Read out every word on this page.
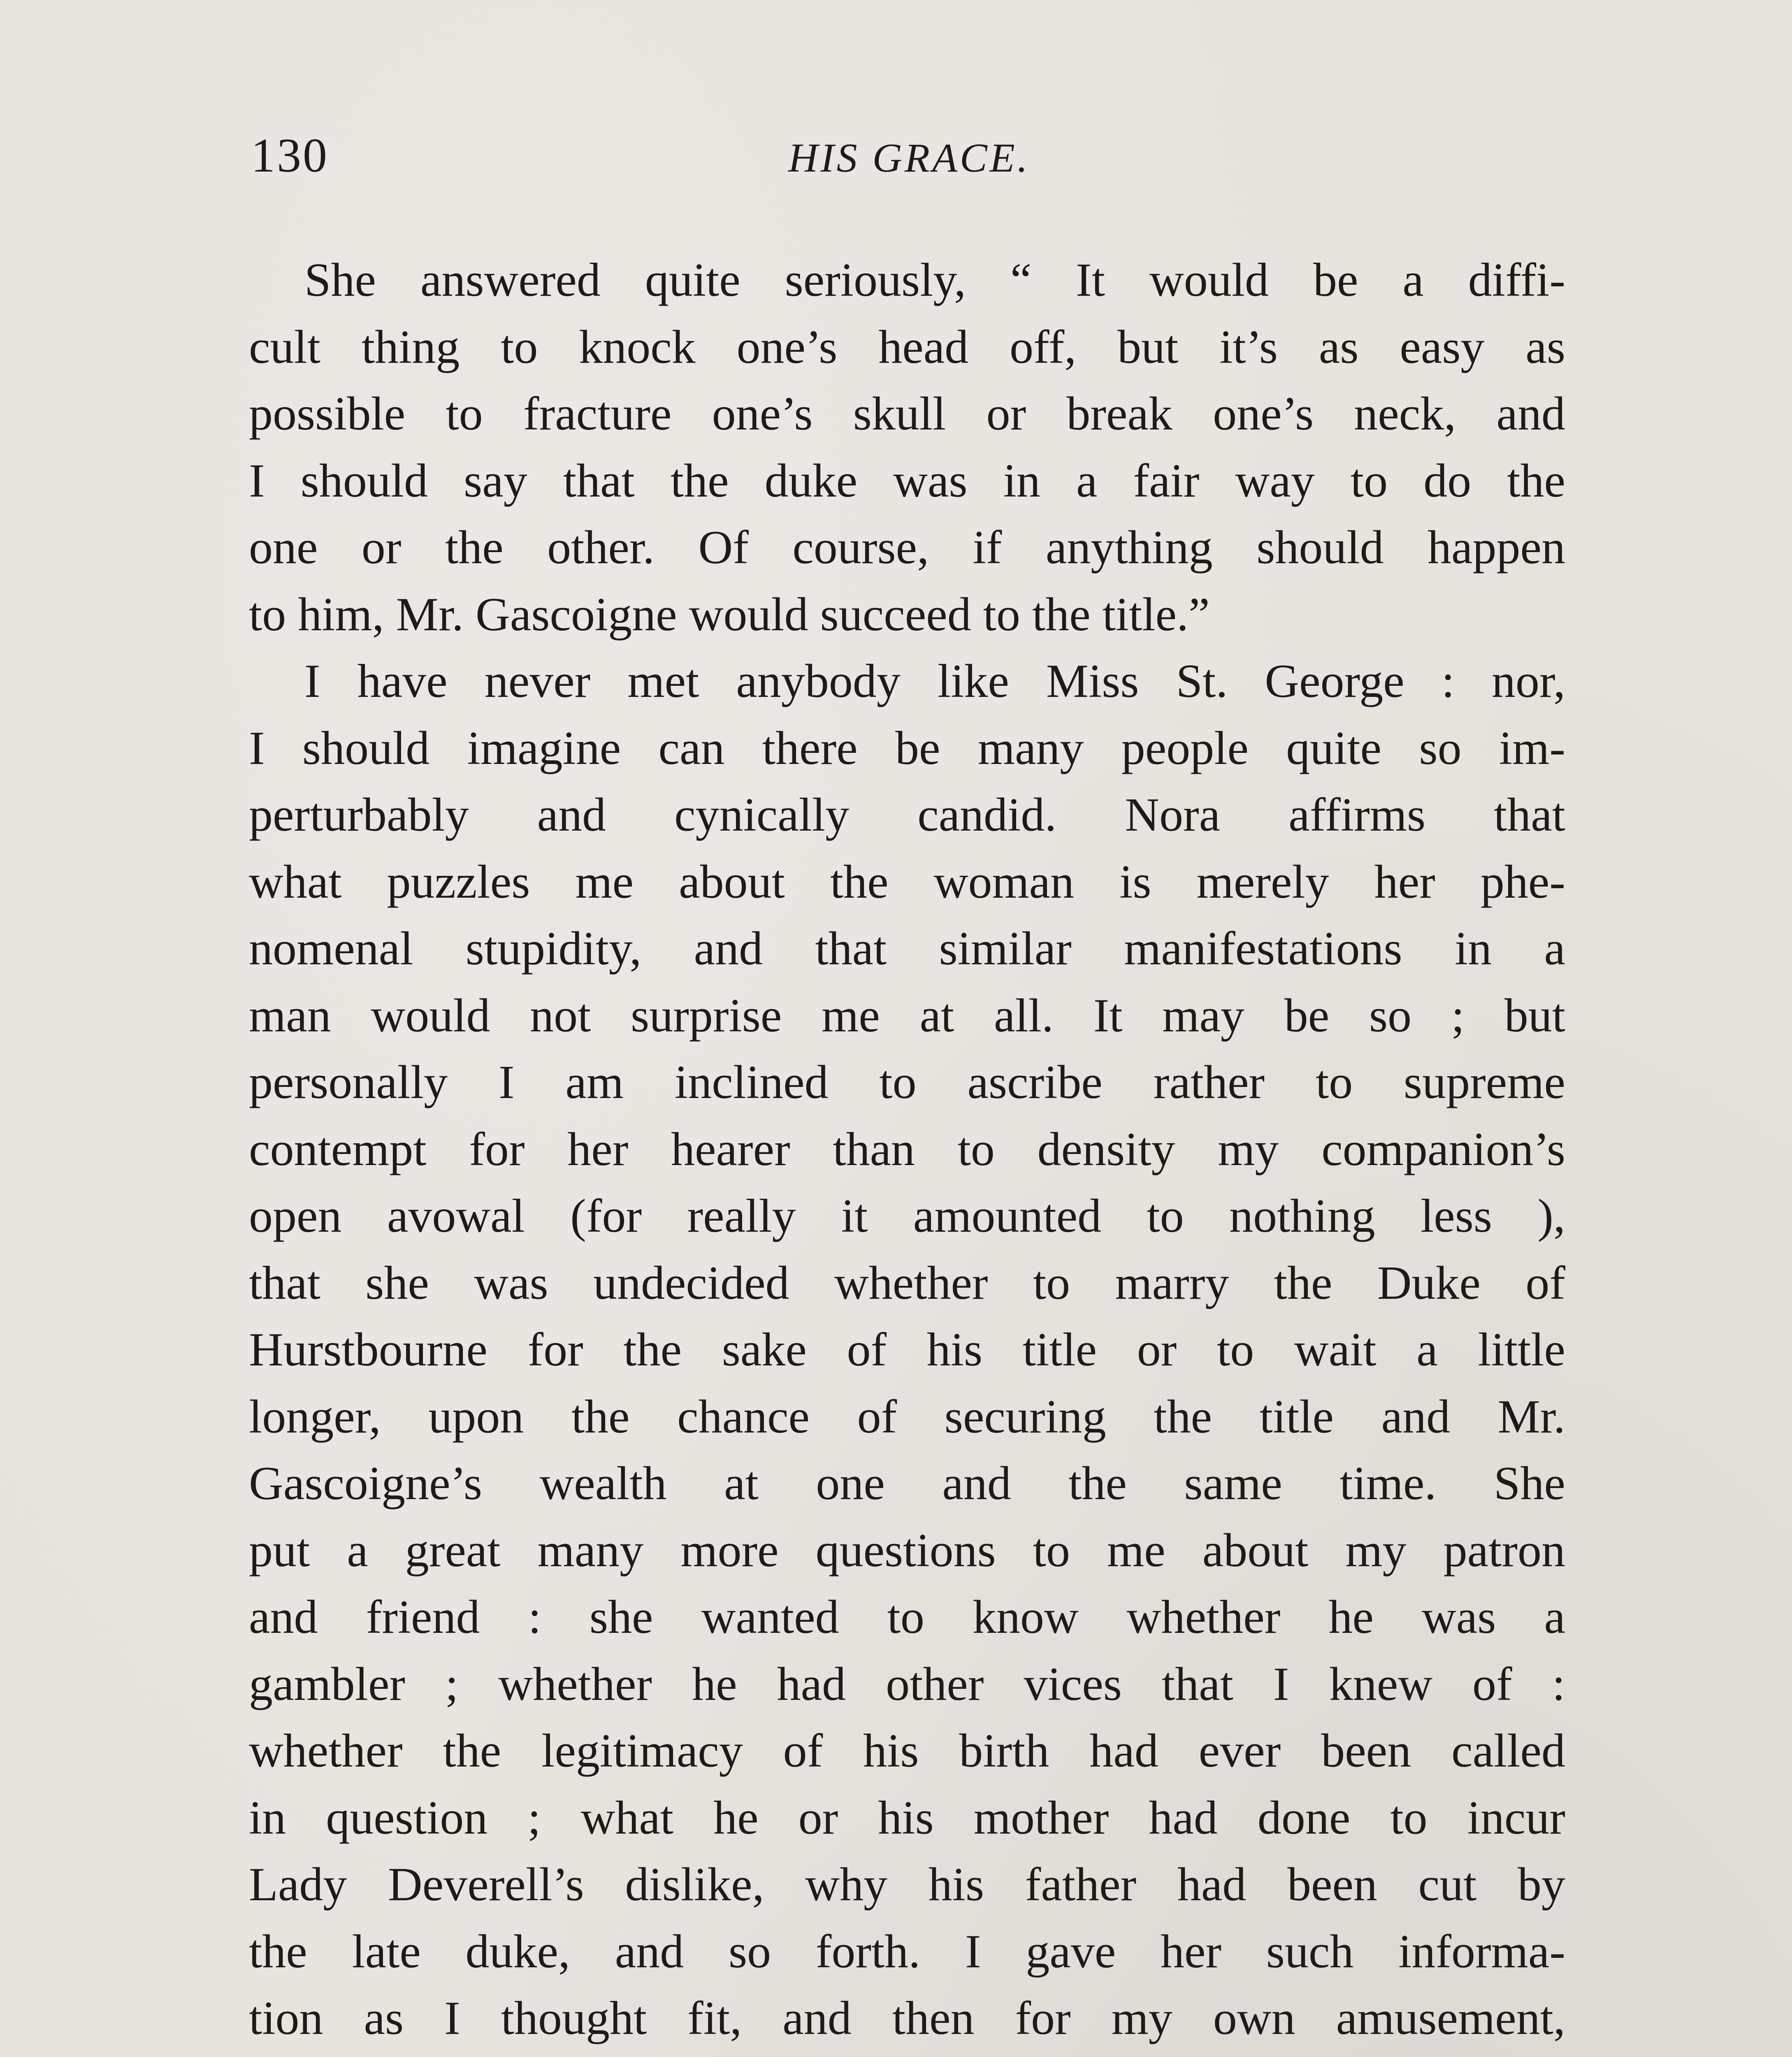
130	HIS GRACE.
She answered quite seriously, “ It would be a diffi-
cult thing to knock one’s head off, but it’s as easy as
possible to fracture one’s skull or break one’s neck, and
I should say that the duke was in a fair way to do the
one or the other. Of course, if anything should happen
to him, Mr. Gascoigne would succeed to the title.”
I have never met anybody like Miss St. George : nor,
I should imagine can there be many people quite so im-
perturbably and cynically candid. Nora affirms that
what puzzles me about the woman is merely her phe-
nomenal stupidity, and that similar manifestations in a
man would not surprise me at all. It may be so ; but
personally I am inclined to ascribe rather to supreme
contempt for her hearer than to density my companion’s
open avowal (for really it amounted to nothing less ),
that she was undecided whether to marry the Duke of
Hurstbourne for the sake of his title or to wait a little
longer, upon the chance of securing the title and Mr.
Gascoigne’s wealth at one and the same time. She
put a great many more questions to me about my patron
and friend : she wanted to know whether he was a
gambler ; whether he had other vices that I knew of :
whether the legitimacy of his birth had ever been called
in question ; what he or his mother had done to incur
Lady Deverell’s dislike, why his father had been cut by
the late duke, and so forth. I gave her such informa-
tion as I thought fit, and then for my own amusement,
